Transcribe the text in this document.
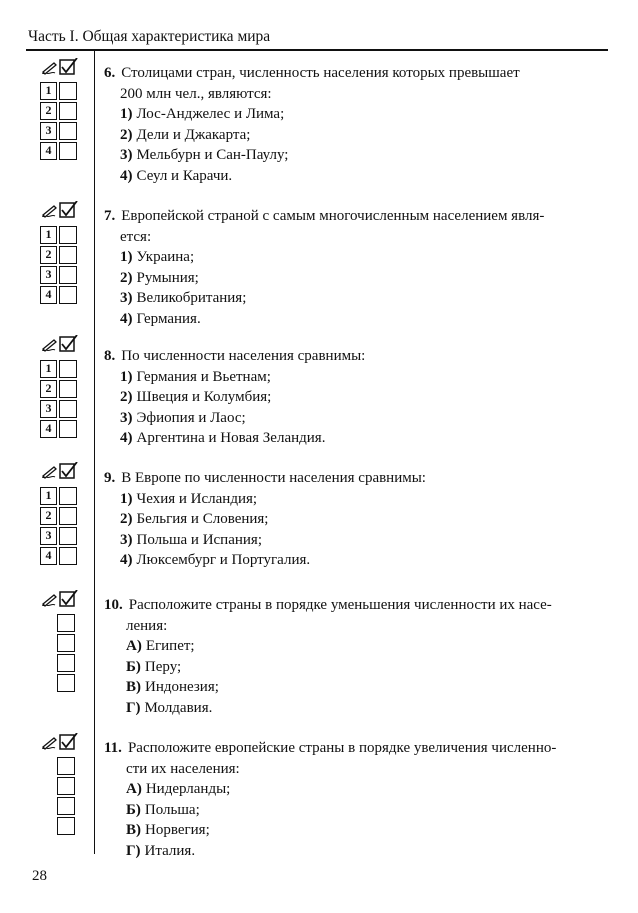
Часть I. Общая характеристика мира
1
2
3
4
6. Столицами стран, численность населения которых превышает
200 млн чел., являются:
1) Лос-Анджелес и Лима;
2) Дели и Джакарта;
3) Мельбурн и Сан-Паулу;
4) Сеул и Карачи.
1
2
3
4
7. Европейской страной с самым многочисленным населением явля-
ется:
1) Украина;
2) Румыния;
3) Великобритания;
4) Германия.
1
2
3
4
8. По численности населения сравнимы:
1) Германия и Вьетнам;
2) Швеция и Колумбия;
3) Эфиопия и Лаос;
4) Аргентина и Новая Зеландия.
1
2
3
4
9. В Европе по численности населения сравнимы:
1) Чехия и Исландия;
2) Бельгия и Словения;
3) Польша и Испания;
4) Люксембург и Португалия.
10. Расположите страны в порядке уменьшения численности их насе-
ления:
А) Египет;
Б) Перу;
В) Индонезия;
Г) Молдавия.
11. Расположите европейские страны в порядке увеличения численно-
сти их населения:
А) Нидерланды;
Б) Польша;
В) Норвегия;
Г) Италия.
28
